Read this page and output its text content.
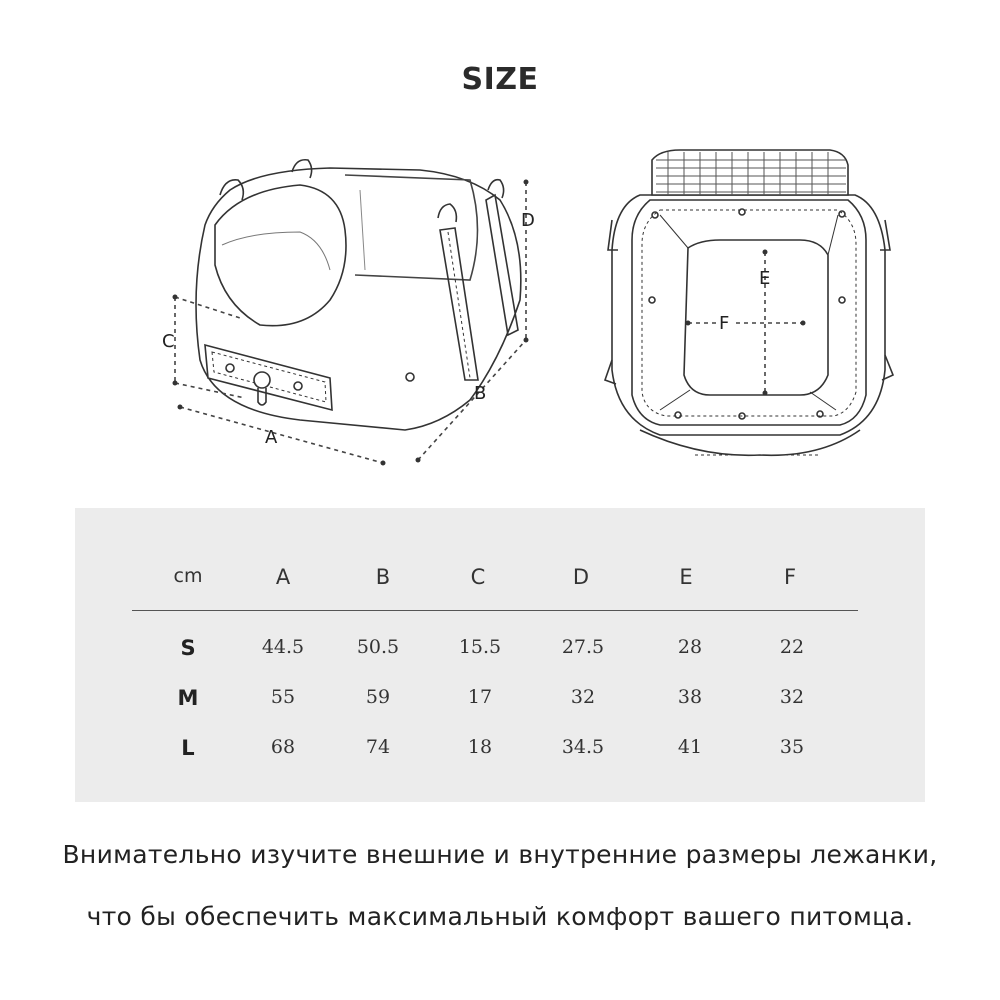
SIZE
C
A
B
D
E
F
cm	A	B	C	D	E	F
S	44.5	50.5	15.5	27.5	28	22
M	55	59	17	32	38	32
L	68	74	18	34.5	41	35
Внимательно изучите внешние и внутренние размеры лежанки,
что бы обеспечить максимальный комфорт вашего питомца.
